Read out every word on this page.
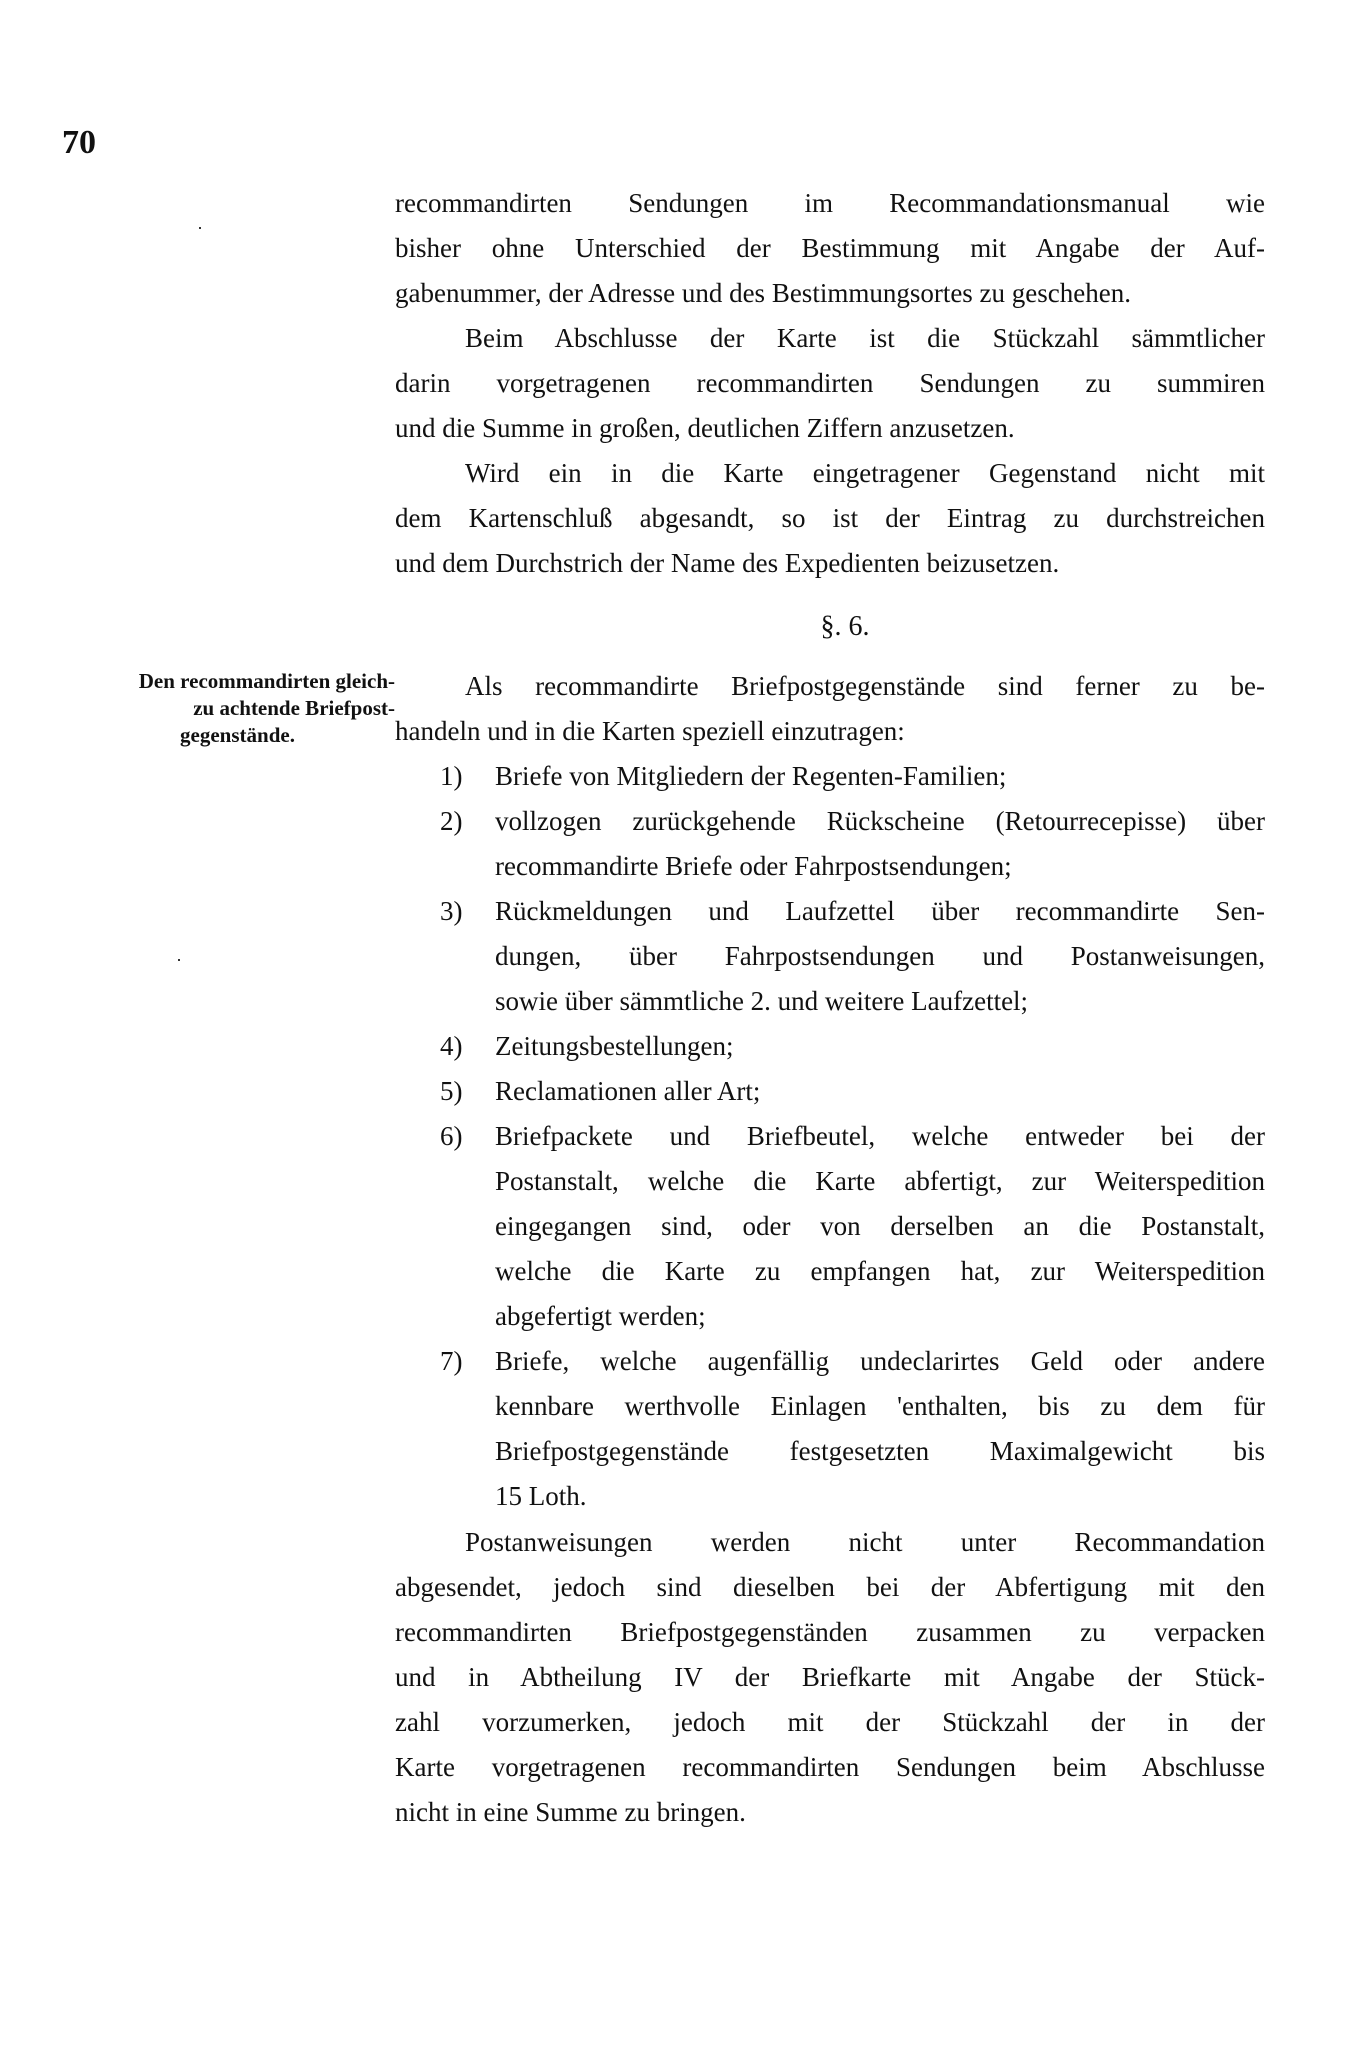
70
recommandirten Sendungen im Recommandationsmanual wie
bisher ohne Unterschied der Bestimmung mit Angabe der Auf-
gabenummer, der Adresse und des Bestimmungsortes zu geschehen.
Beim Abschlusse der Karte ist die Stückzahl sämmtlicher
darin vorgetragenen recommandirten Sendungen zu summiren
und die Summe in großen, deutlichen Ziffern anzusetzen.
Wird ein in die Karte eingetragener Gegenstand nicht mit
dem Kartenschluß abgesandt, so ist der Eintrag zu durchstreichen
und dem Durchstrich der Name des Expedienten beizusetzen.
§. 6.
Den recommandirten gleich-
zu achtende Briefpost-
gegenstände.
Als recommandirte Briefpostgegenstände sind ferner zu be-
handeln und in die Karten speziell einzutragen:
1) Briefe von Mitgliedern der Regenten-Familien;
2) vollzogen zurückgehende Rückscheine (Retourrecepisse) über
recommandirte Briefe oder Fahrpostsendungen;
3) Rückmeldungen und Laufzettel über recommandirte Sen-
dungen, über Fahrpostsendungen und Postanweisungen,
sowie über sämmtliche 2. und weitere Laufzettel;
4) Zeitungsbestellungen;
5) Reclamationen aller Art;
6) Briefpackete und Briefbeutel, welche entweder bei der
Postanstalt, welche die Karte abfertigt, zur Weiterspedition
eingegangen sind, oder von derselben an die Postanstalt,
welche die Karte zu empfangen hat, zur Weiterspedition
abgefertigt werden;
7) Briefe, welche augenfällig undeclarirtes Geld oder andere
kennbare werthvolle Einlagen 'enthalten, bis zu dem für
Briefpostgegenstände festgesetzten Maximalgewicht bis
15 Loth.
Postanweisungen werden nicht unter Recommandation
abgesendet, jedoch sind dieselben bei der Abfertigung mit den
recommandirten Briefpostgegenständen zusammen zu verpacken
und in Abtheilung IV der Briefkarte mit Angabe der Stück-
zahl vorzumerken, jedoch mit der Stückzahl der in der
Karte vorgetragenen recommandirten Sendungen beim Abschlusse
nicht in eine Summe zu bringen.
